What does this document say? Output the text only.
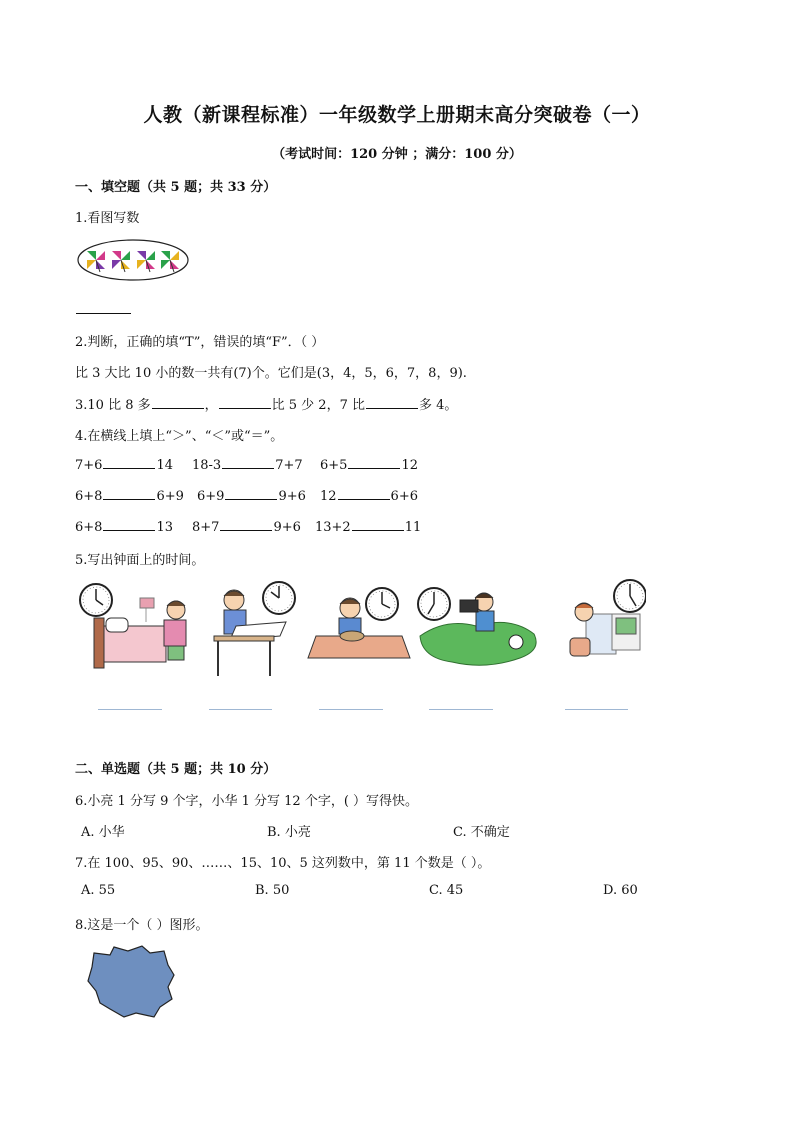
人教（新课程标准）一年级数学上册期末高分突破卷（一）
（考试时间：120 分钟 ；满分：100 分）
一、填空题（共 5 题；共 33 分）
1.看图写数
2.判断，正确的填“T”，错误的填“F”．（ ）
比 3 大比 10 小的数一共有(7)个。它们是(3，4，5，6，7，8，9).
3.10 比 8 多	，	比 5 少 2，7 比	多 4。
4.在横线上填上“＞”、“＜”或“＝”。
7+6	14 18-3	7+7 6+5	12
6+8	6+9 6+9	9+6 12	6+6
6+8	13 8+7	9+6 13+2	11
5.写出钟面上的时间。
二、单选题（共 5 题；共 10 分）
6.小亮 1 分写 9 个字，小华 1 分写 12 个字，( ）写得快。
A. 小华	B. 小亮	C. 不确定
7.在 100、95、90、……、15、10、5 这列数中，第 11 个数是（ ）。
A. 55	B. 50	C. 45	D. 60
8.这是一个（ ）图形。
